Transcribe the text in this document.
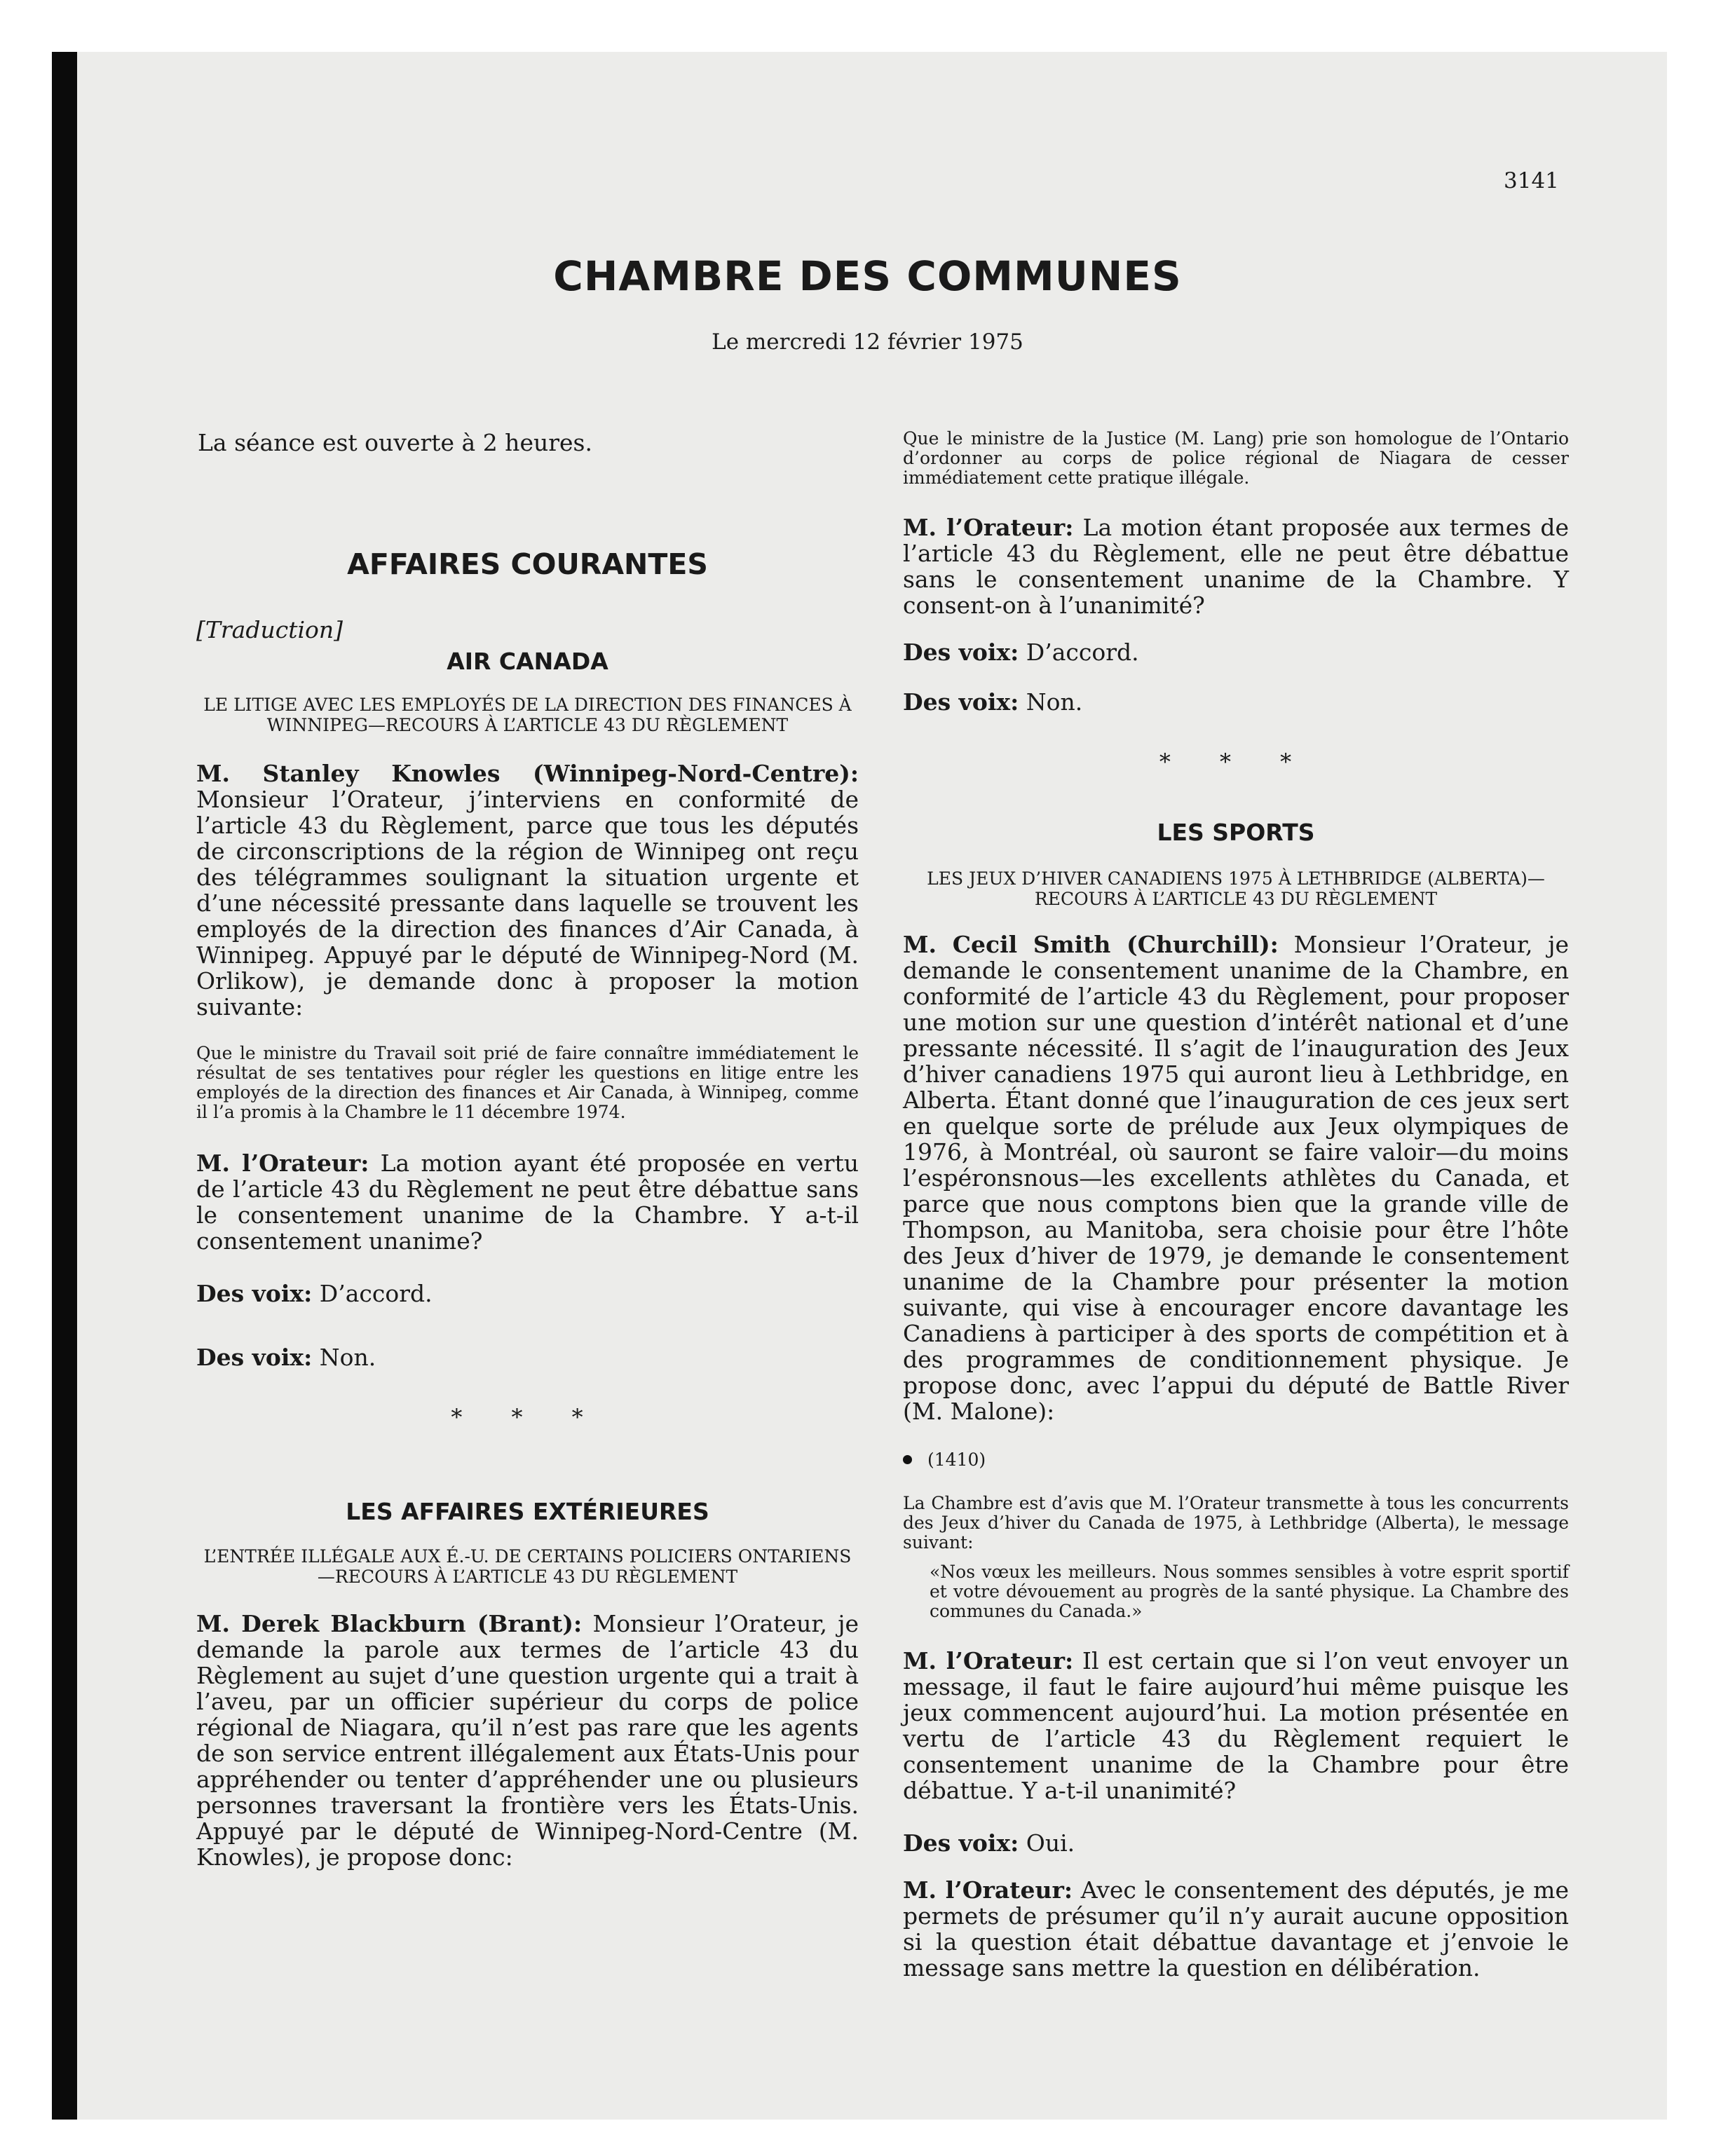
3141
CHAMBRE DES COMMUNES
Le mercredi 12 février 1975

La séance est ouverte à 2 heures.

AFFAIRES COURANTES

[Traduction]

AIR CANADA

LE LITIGE AVEC LES EMPLOYÉS DE LA DIRECTION DES FINANCES À WINNIPEG—RECOURS À L’ARTICLE 43 DU RÈGLEMENT

M. Stanley Knowles (Winnipeg-Nord-Centre): Monsieur l’Orateur, j’interviens en conformité de l’article 43 du Règlement, parce que tous les députés de circonscriptions de la région de Winnipeg ont reçu des télégrammes soulignant la situation urgente et d’une nécessité pressante dans laquelle se trouvent les employés de la direction des finances d’Air Canada, à Winnipeg. Appuyé par le député de Winnipeg-Nord (M. Orlikow), je demande donc à proposer la motion suivante:

Que le ministre du Travail soit prié de faire connaître immédiatement le résultat de ses tentatives pour régler les questions en litige entre les employés de la direction des finances et Air Canada, à Winnipeg, comme il l’a promis à la Chambre le 11 décembre 1974.

M. l’Orateur: La motion ayant été proposée en vertu de l’article 43 du Règlement ne peut être débattue sans le consentement unanime de la Chambre. Y a-t-il consentement unanime?

Des voix: D’accord.

Des voix: Non.

* * *

LES AFFAIRES EXTÉRIEURES

L’ENTRÉE ILLÉGALE AUX É.-U. DE CERTAINS POLICIERS ONTARIENS—RECOURS À L’ARTICLE 43 DU RÈGLEMENT

M. Derek Blackburn (Brant): Monsieur l’Orateur, je demande la parole aux termes de l’article 43 du Règlement au sujet d’une question urgente qui a trait à l’aveu, par un officier supérieur du corps de police régional de Niagara, qu’il n’est pas rare que les agents de son service entrent illégalement aux États-Unis pour appréhender ou tenter d’appréhender une ou plusieurs personnes traversant la frontière vers les États-Unis. Appuyé par le député de Winnipeg-Nord-Centre (M. Knowles), je propose donc:

Que le ministre de la Justice (M. Lang) prie son homologue de l’Ontario d’ordonner au corps de police régional de Niagara de cesser immédiatement cette pratique illégale.

M. l’Orateur: La motion étant proposée aux termes de l’article 43 du Règlement, elle ne peut être débattue sans le consentement unanime de la Chambre. Y consent-on à l’unanimité?

Des voix: D’accord.

Des voix: Non.

* * *

LES SPORTS

LES JEUX D’HIVER CANADIENS 1975 À LETHBRIDGE (ALBERTA)—RECOURS À L’ARTICLE 43 DU RÈGLEMENT

M. Cecil Smith (Churchill): Monsieur l’Orateur, je demande le consentement unanime de la Chambre, en conformité de l’article 43 du Règlement, pour proposer une motion sur une question d’intérêt national et d’une pressante nécessité. Il s’agit de l’inauguration des Jeux d’hiver canadiens 1975 qui auront lieu à Lethbridge, en Alberta. Étant donné que l’inauguration de ces jeux sert en quelque sorte de prélude aux Jeux olympiques de 1976, à Montréal, où sauront se faire valoir—du moins l’espéronsnous—les excellents athlètes du Canada, et parce que nous comptons bien que la grande ville de Thompson, au Manitoba, sera choisie pour être l’hôte des Jeux d’hiver de 1979, je demande le consentement unanime de la Chambre pour présenter la motion suivante, qui vise à encourager encore davantage les Canadiens à participer à des sports de compétition et à des programmes de conditionnement physique. Je propose donc, avec l’appui du député de Battle River (M. Malone):

(1410)

La Chambre est d’avis que M. l’Orateur transmette à tous les concurrents des Jeux d’hiver du Canada de 1975, à Lethbridge (Alberta), le message suivant:

«Nos vœux les meilleurs. Nous sommes sensibles à votre esprit sportif et votre dévouement au progrès de la santé physique. La Chambre des communes du Canada.»

M. l’Orateur: Il est certain que si l’on veut envoyer un message, il faut le faire aujourd’hui même puisque les jeux commencent aujourd’hui. La motion présentée en vertu de l’article 43 du Règlement requiert le consentement unanime de la Chambre pour être débattue. Y a-t-il unanimité?

Des voix: Oui.

M. l’Orateur: Avec le consentement des députés, je me permets de présumer qu’il n’y aurait aucune opposition si la question était débattue davantage et j’envoie le message sans mettre la question en délibération.
